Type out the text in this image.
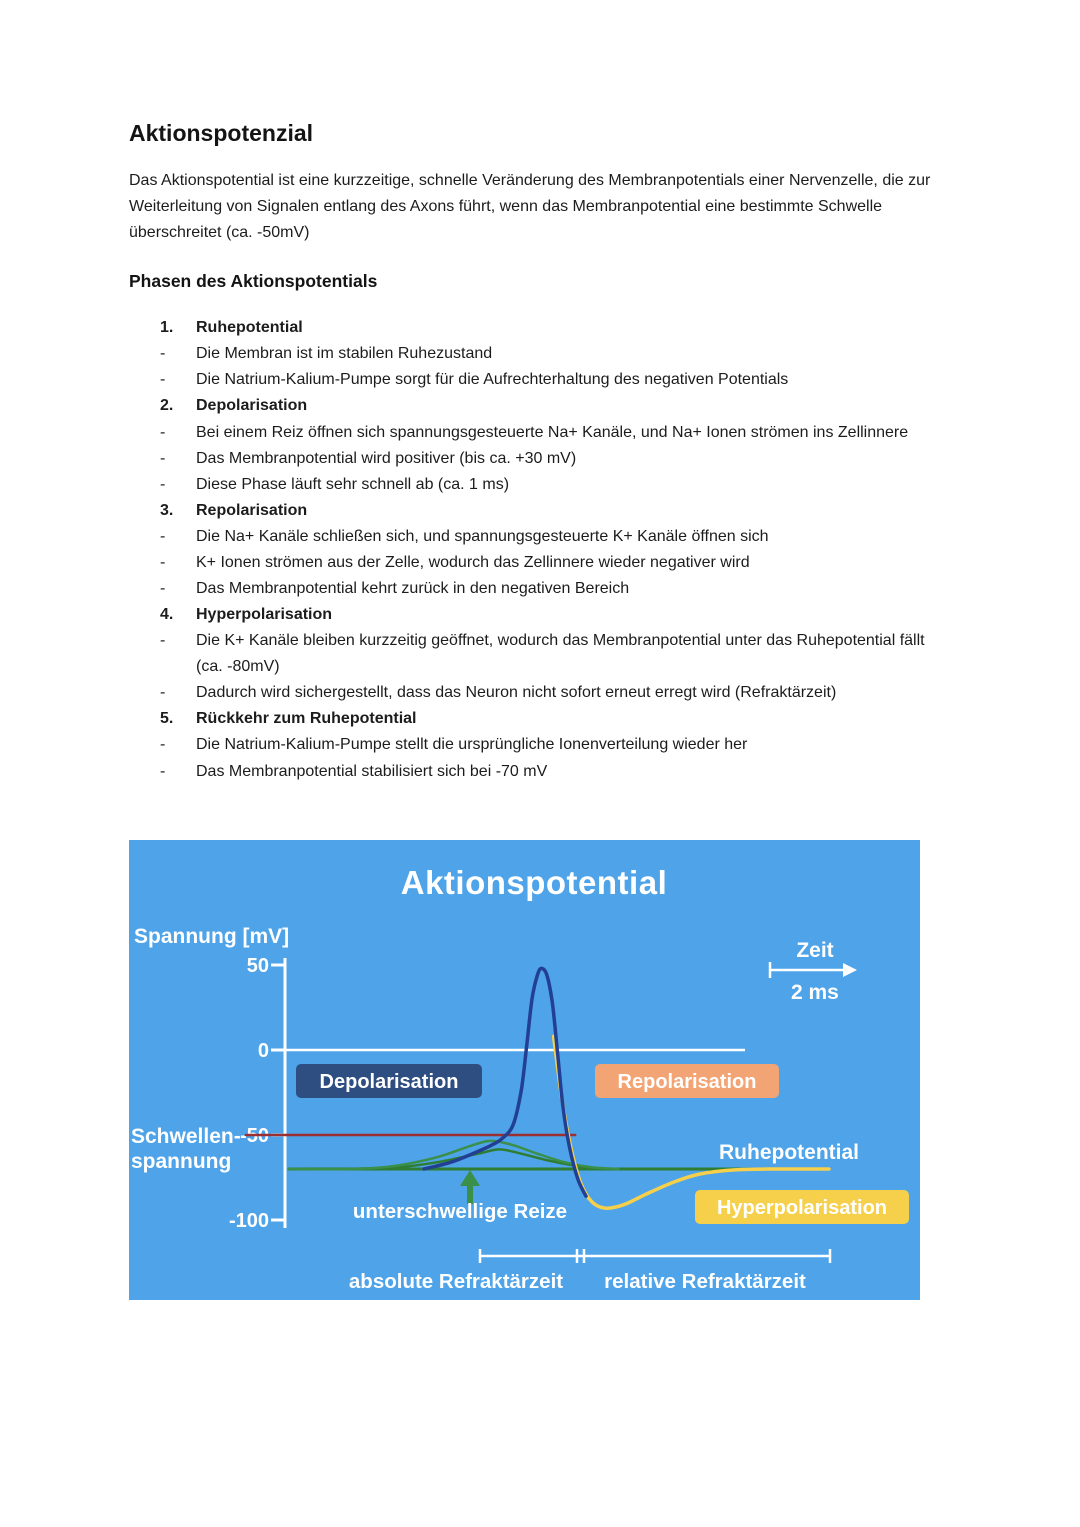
Aktionspotenzial

Das Aktionspotential ist eine kurzzeitige, schnelle Veränderung des Membranpotentials einer Nervenzelle, die zur Weiterleitung von Signalen entlang des Axons führt, wenn das Membranpotential eine bestimmte Schwelle überschreitet (ca. -50mV)

Phasen des Aktionspotentials
1.	Ruhepotential
-	Die Membran ist im stabilen Ruhezustand
-	Die Natrium-Kalium-Pumpe sorgt für die Aufrechterhaltung des negativen Potentials
2.	Depolarisation
-	Bei einem Reiz öffnen sich spannungsgesteuerte Na+ Kanäle, und Na+ Ionen strömen ins Zellinnere
-	Das Membranpotential wird positiver (bis ca. +30 mV)
-	Diese Phase läuft sehr schnell ab (ca. 1 ms)
3.	Repolarisation
-	Die Na+ Kanäle schließen sich, und spannungsgesteuerte K+ Kanäle öffnen sich
-	K+ Ionen strömen aus der Zelle, wodurch das Zellinnere wieder negativer wird
-	Das Membranpotential kehrt zurück in den negativen Bereich
4.	Hyperpolarisation
-	Die K+ Kanäle bleiben kurzzeitig geöffnet, wodurch das Membranpotential unter das Ruhepotential fällt (ca. -80mV)
-	Dadurch wird sichergestellt, dass das Neuron nicht sofort erneut erregt wird (Refraktärzeit)
5.	Rückkehr zum Ruhepotential
-	Die Natrium-Kalium-Pumpe stellt die ursprüngliche Ionenverteilung wieder her
-	Das Membranpotential stabilisiert sich bei -70 mV
Aktionspotential
Spannung [mV]
50
0
-50
-100
Zeit
2 ms
Depolarisation	Repolarisation
Ruhepotential
Hyperpolarisation
Schwellen-
spannung
unterschwellige Reize
absolute Refraktärzeit relative Refraktärzeit
